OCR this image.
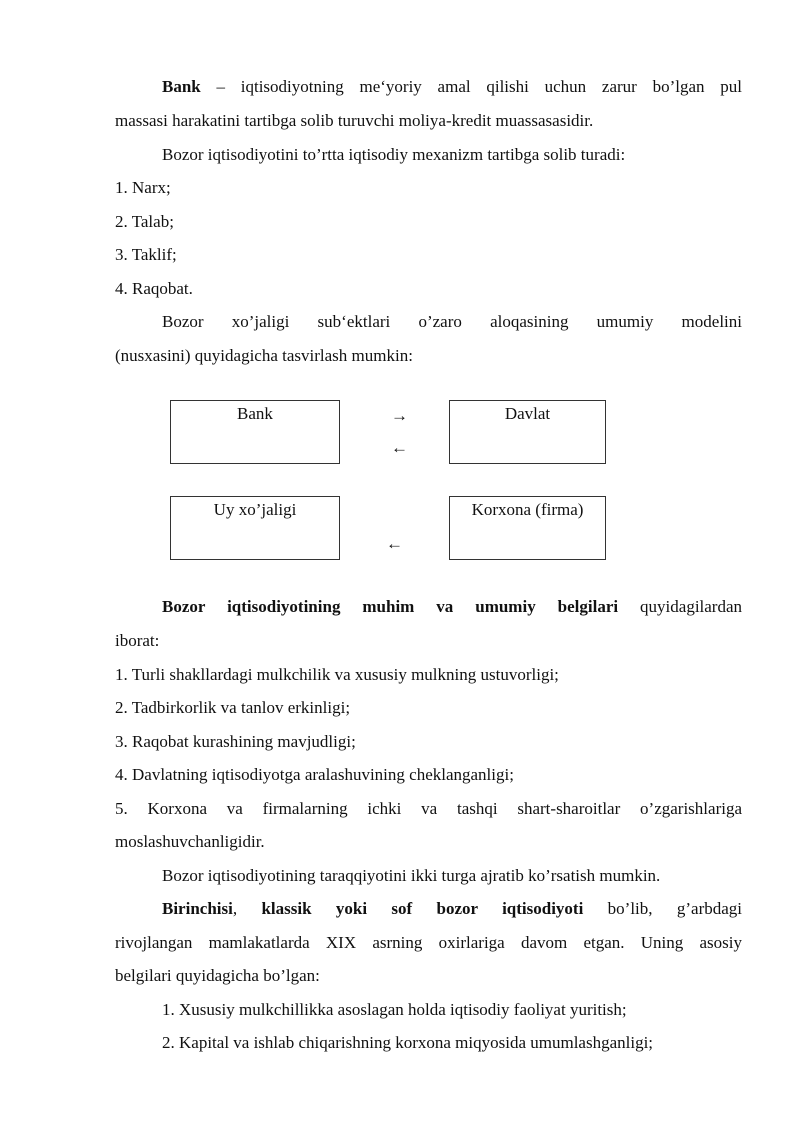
Bank – iqtisodiyotning me‘yoriy amal qilishi uchun zarur bo’lgan pul
massasi harakatini tartibga solib turuvchi moliya-kredit muassasasidir.
Bozor iqtisodiyotini to’rtta iqtisodiy mexanizm tartibga solib turadi:
1. Narx;
2. Talab;
3. Taklif;
4. Raqobat.
Bozor xo’jaligi sub‘ektlari o’zaro aloqasining umumiy modelini
(nusxasini) quyidagicha tasvirlash mumkin:
Bank	Davlat
→
←
Uy xo’jaligi	Korxona (firma)
←
Bozor iqtisodiyotining muhim va umumiy belgilari quyidagilardan
iborat:
1. Turli shakllardagi mulkchilik va xususiy mulkning ustuvorligi;
2. Tadbirkorlik va tanlov erkinligi;
3. Raqobat kurashining mavjudligi;
4. Davlatning iqtisodiyotga aralashuvining cheklanganligi;
5. Korxona va firmalarning ichki va tashqi shart-sharoitlar o’zgarishlariga
moslashuvchanligidir.
Bozor iqtisodiyotining taraqqiyotini ikki turga ajratib ko’rsatish mumkin.
Birinchisi, klassik yoki sof bozor iqtisodiyoti bo’lib, g’arbdagi
rivojlangan mamlakatlarda XIX asrning oxirlariga davom etgan. Uning asosiy
belgilari quyidagicha bo’lgan:
1. Xususiy mulkchillikka asoslagan holda iqtisodiy faoliyat yuritish;
2. Kapital va ishlab chiqarishning korxona miqyosida umumlashganligi;
